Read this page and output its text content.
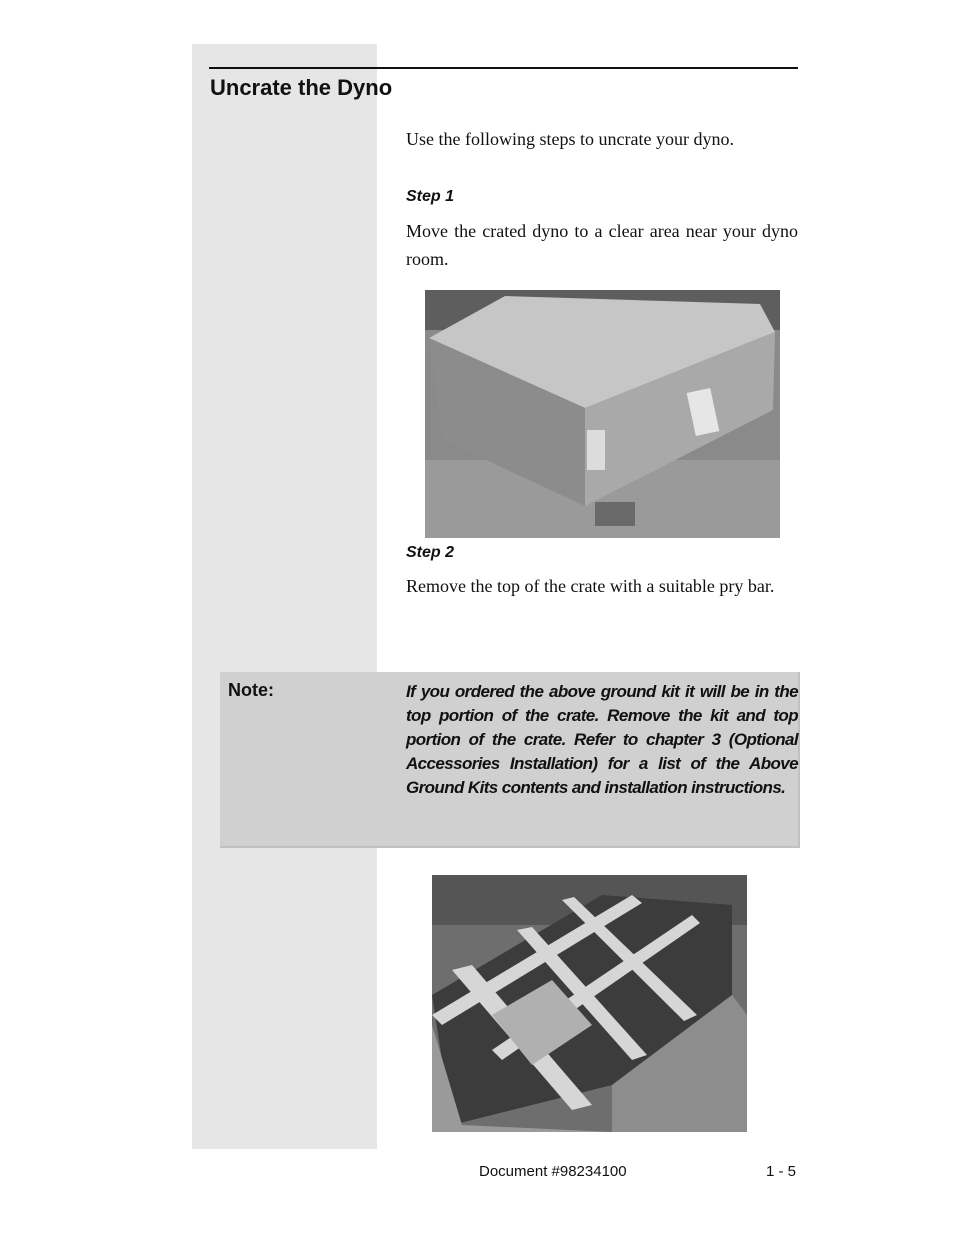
Uncrate the Dyno

Use the following steps to uncrate your dyno.

Step 1

Move the crated dyno to a clear area near your dyno room.

Step 2

Remove the top of the crate with a suitable pry bar.

Note:	If you ordered the above ground kit it will be in the top portion of the crate. Remove the kit and top portion of the crate. Refer to chapter 3 (Optional Accessories Installation) for a list of the Above Ground Kits contents and installation instructions.

Document #98234100	1 - 5
